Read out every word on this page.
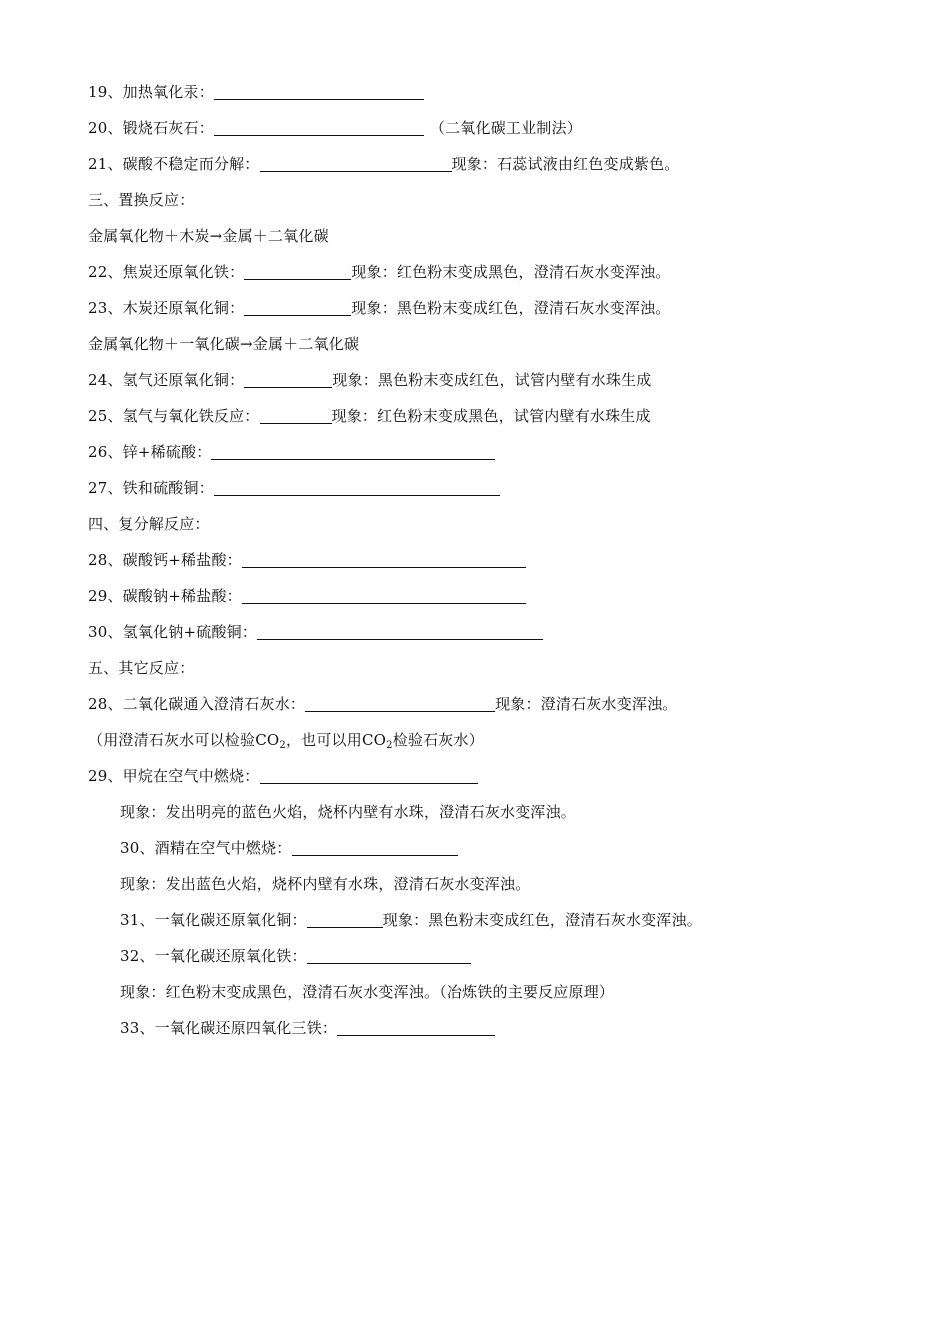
19、加热氧化汞：
20、锻烧石灰石：	（二氧化碳工业制法）
21、碳酸不稳定而分解：	现象：石蕊试液由红色变成紫色。
三、置换反应：
金属氧化物＋木炭→金属＋二氧化碳
22、焦炭还原氧化铁：	现象：红色粉末变成黑色，澄清石灰水变浑浊。
23、木炭还原氧化铜：	现象：黑色粉末变成红色，澄清石灰水变浑浊。
金属氧化物＋一氧化碳→金属＋二氧化碳
24、氢气还原氧化铜：	现象：黑色粉末变成红色，试管内壁有水珠生成
25、氢气与氧化铁反应：	现象：红色粉末变成黑色，试管内壁有水珠生成
26、锌+稀硫酸：
27、铁和硫酸铜：
四、复分解反应：
28、碳酸钙+稀盐酸：
29、碳酸钠+稀盐酸：
30、氢氧化钠+硫酸铜：
五、其它反应：
28、二氧化碳通入澄清石灰水：	现象：澄清石灰水变浑浊。
（用澄清石灰水可以检验$CO_2$，也可以用$CO_2$检验石灰水）
29、甲烷在空气中燃烧：
现象：发出明亮的蓝色火焰，烧杯内壁有水珠，澄清石灰水变浑浊。
30、酒精在空气中燃烧：
现象：发出蓝色火焰，烧杯内壁有水珠，澄清石灰水变浑浊。
31、一氧化碳还原氧化铜：	现象：黑色粉末变成红色，澄清石灰水变浑浊。
32、一氧化碳还原氧化铁：
现象：红色粉末变成黑色，澄清石灰水变浑浊。（冶炼铁的主要反应原理）
33、一氧化碳还原四氧化三铁：
